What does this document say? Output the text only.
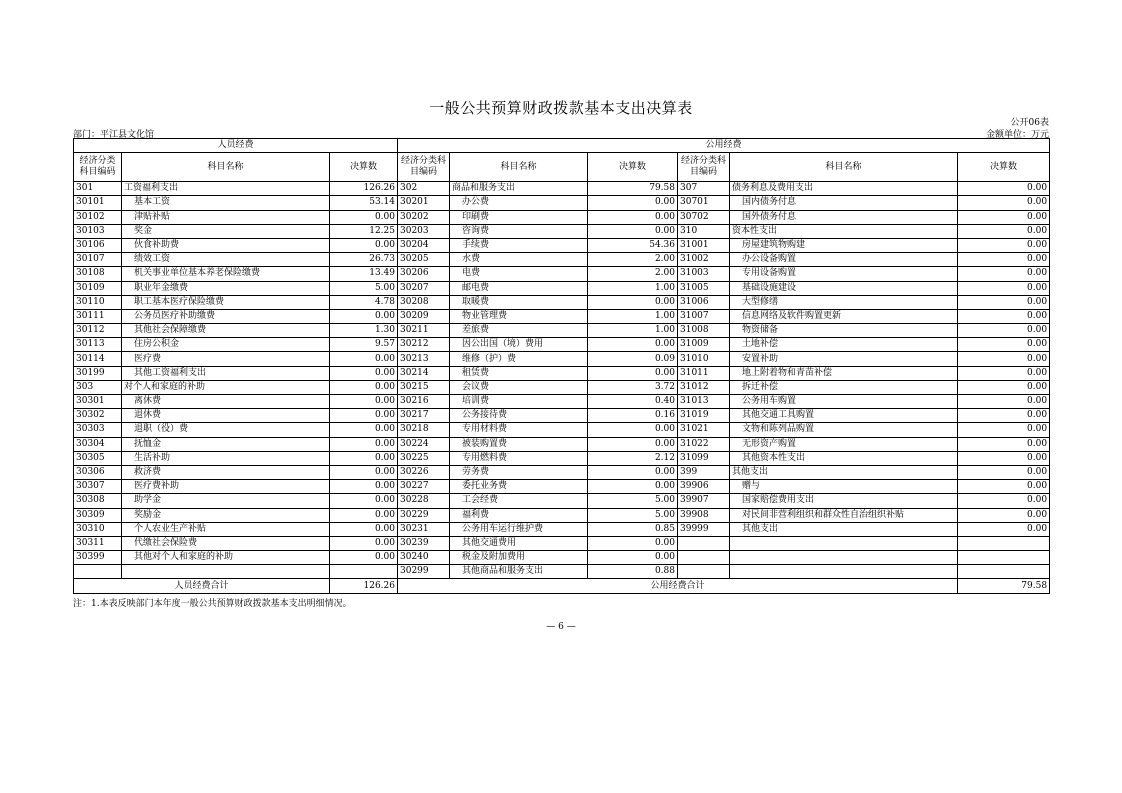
一般公共预算财政拨款基本支出决算表
公开06表
部门：平江县文化馆	金额单位：万元
人员经费			公用经费					
经济分类科目编码	科目名称	决算数	经济分类科目编码	科目名称	决算数	经济分类科目编码	科目名称	决算数
301	工资福利支出	126.26	302	商品和服务支出	79.58	307	债务利息及费用支出	0.00
30101	基本工资	53.14	30201	办公费	0.00	30701	国内债务付息	0.00
30102	津贴补贴	0.00	30202	印刷费	0.00	30702	国外债务付息	0.00
30103	奖金	12.25	30203	咨询费	0.00	310	资本性支出	0.00
30106	伙食补助费	0.00	30204	手续费	54.36	31001	房屋建筑物购建	0.00
30107	绩效工资	26.73	30205	水费	2.00	31002	办公设备购置	0.00
30108	机关事业单位基本养老保险缴费	13.49	30206	电费	2.00	31003	专用设备购置	0.00
30109	职业年金缴费	5.00	30207	邮电费	1.00	31005	基础设施建设	0.00
30110	职工基本医疗保险缴费	4.78	30208	取暖费	0.00	31006	大型修缮	0.00
30111	公务员医疗补助缴费	0.00	30209	物业管理费	1.00	31007	信息网络及软件购置更新	0.00
30112	其他社会保障缴费	1.30	30211	差旅费	1.00	31008	物资储备	0.00
30113	住房公积金	9.57	30212	因公出国（境）费用	0.00	31009	土地补偿	0.00
30114	医疗费	0.00	30213	维修（护）费	0.09	31010	安置补助	0.00
30199	其他工资福利支出	0.00	30214	租赁费	0.00	31011	地上附着物和青苗补偿	0.00
303	对个人和家庭的补助	0.00	30215	会议费	3.72	31012	拆迁补偿	0.00
30301	离休费	0.00	30216	培训费	0.40	31013	公务用车购置	0.00
30302	退休费	0.00	30217	公务接待费	0.16	31019	其他交通工具购置	0.00
30303	退职（役）费	0.00	30218	专用材料费	0.00	31021	文物和陈列品购置	0.00
30304	抚恤金	0.00	30224	被装购置费	0.00	31022	无形资产购置	0.00
30305	生活补助	0.00	30225	专用燃料费	2.12	31099	其他资本性支出	0.00
30306	救济费	0.00	30226	劳务费	0.00	399	其他支出	0.00
30307	医疗费补助	0.00	30227	委托业务费	0.00	39906	赠与	0.00
30308	助学金	0.00	30228	工会经费	5.00	39907	国家赔偿费用支出	0.00
30309	奖励金	0.00	30229	福利费	5.00	39908	对民间非营利组织和群众性自治组织补贴	0.00
30310	个人农业生产补贴	0.00	30231	公务用车运行维护费	0.85	39999	其他支出	0.00
30311	代缴社会保险费	0.00	30239	其他交通费用	0.00			
30399	其他对个人和家庭的补助	0.00	30240	税金及附加费用	0.00			
			30299	其他商品和服务支出	0.88			
人员经费合计		126.26	公用经费合计					79.58
注：1.本表反映部门本年度一般公共预算财政拨款基本支出明细情况。
— 6 —
